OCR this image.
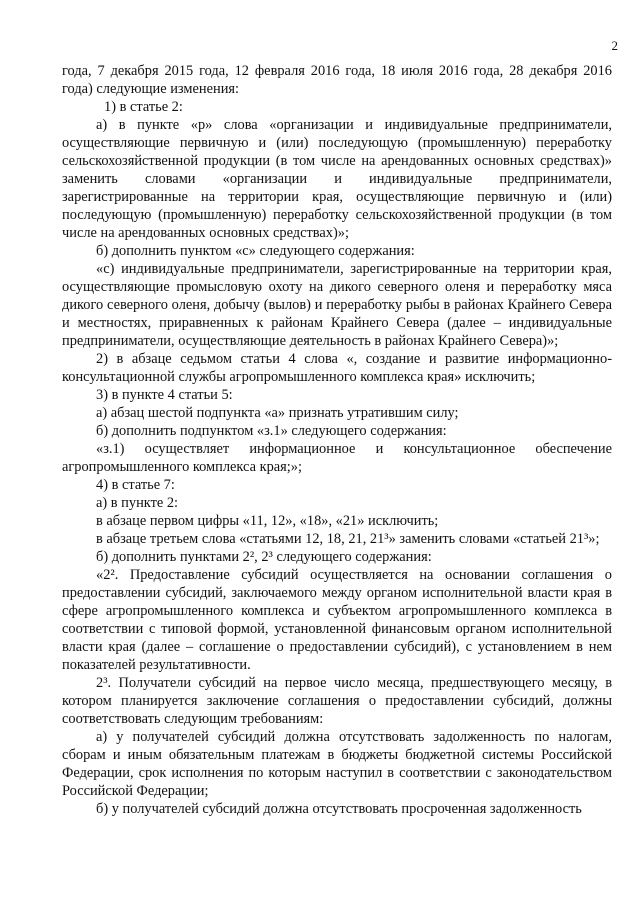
2

года, 7 декабря 2015 года, 12 февраля 2016 года, 18 июля 2016 года, 28 декабря 2016 года) следующие изменения:

1) в статье 2:

а) в пункте «р» слова «организации и индивидуальные предприниматели, осуществляющие первичную и (или) последующую (промышленную) переработку сельскохозяйственной продукции (в том числе на арендованных основных средствах)» заменить словами «организации и индивидуальные предприниматели, зарегистрированные на территории края, осуществляющие первичную и (или) последующую (промышленную) переработку сельскохозяйственной продукции (в том числе на арендованных основных средствах)»;

б) дополнить пунктом «с» следующего содержания:

«с) индивидуальные предприниматели, зарегистрированные на территории края, осуществляющие промысловую охоту на дикого северного оленя и переработку мяса дикого северного оленя, добычу (вылов) и переработку рыбы в районах Крайнего Севера и местностях, приравненных к районам Крайнего Севера (далее – индивидуальные предприниматели, осуществляющие деятельность в районах Крайнего Севера)»;

2) в абзаце седьмом статьи 4 слова «, создание и развитие информационно-консультационной службы агропромышленного комплекса края» исключить;

3) в пункте 4 статьи 5:

а) абзац шестой подпункта «а» признать утратившим силу;

б) дополнить подпунктом «з.1» следующего содержания:

«з.1) осуществляет информационное и консультационное обеспечение агропромышленного комплекса края;»;

4) в статье 7:

а) в пункте 2:

в абзаце первом цифры «11, 12», «18», «21» исключить;

в абзаце третьем слова «статьями 12, 18, 21, 21³» заменить словами «статьей 21³»;

б) дополнить пунктами 2², 2³ следующего содержания:

«2². Предоставление субсидий осуществляется на основании соглашения о предоставлении субсидий, заключаемого между органом исполнительной власти края в сфере агропромышленного комплекса и субъектом агропромышленного комплекса в соответствии с типовой формой, установленной финансовым органом исполнительной власти края (далее – соглашение о предоставлении субсидий), с установлением в нем показателей результативности.

2³. Получатели субсидий на первое число месяца, предшествующего месяцу, в котором планируется заключение соглашения о предоставлении субсидий, должны соответствовать следующим требованиям:

а) у получателей субсидий должна отсутствовать задолженность по налогам, сборам и иным обязательным платежам в бюджеты бюджетной системы Российской Федерации, срок исполнения по которым наступил в соответствии с законодательством Российской Федерации;

б) у получателей субсидий должна отсутствовать просроченная задолженность
